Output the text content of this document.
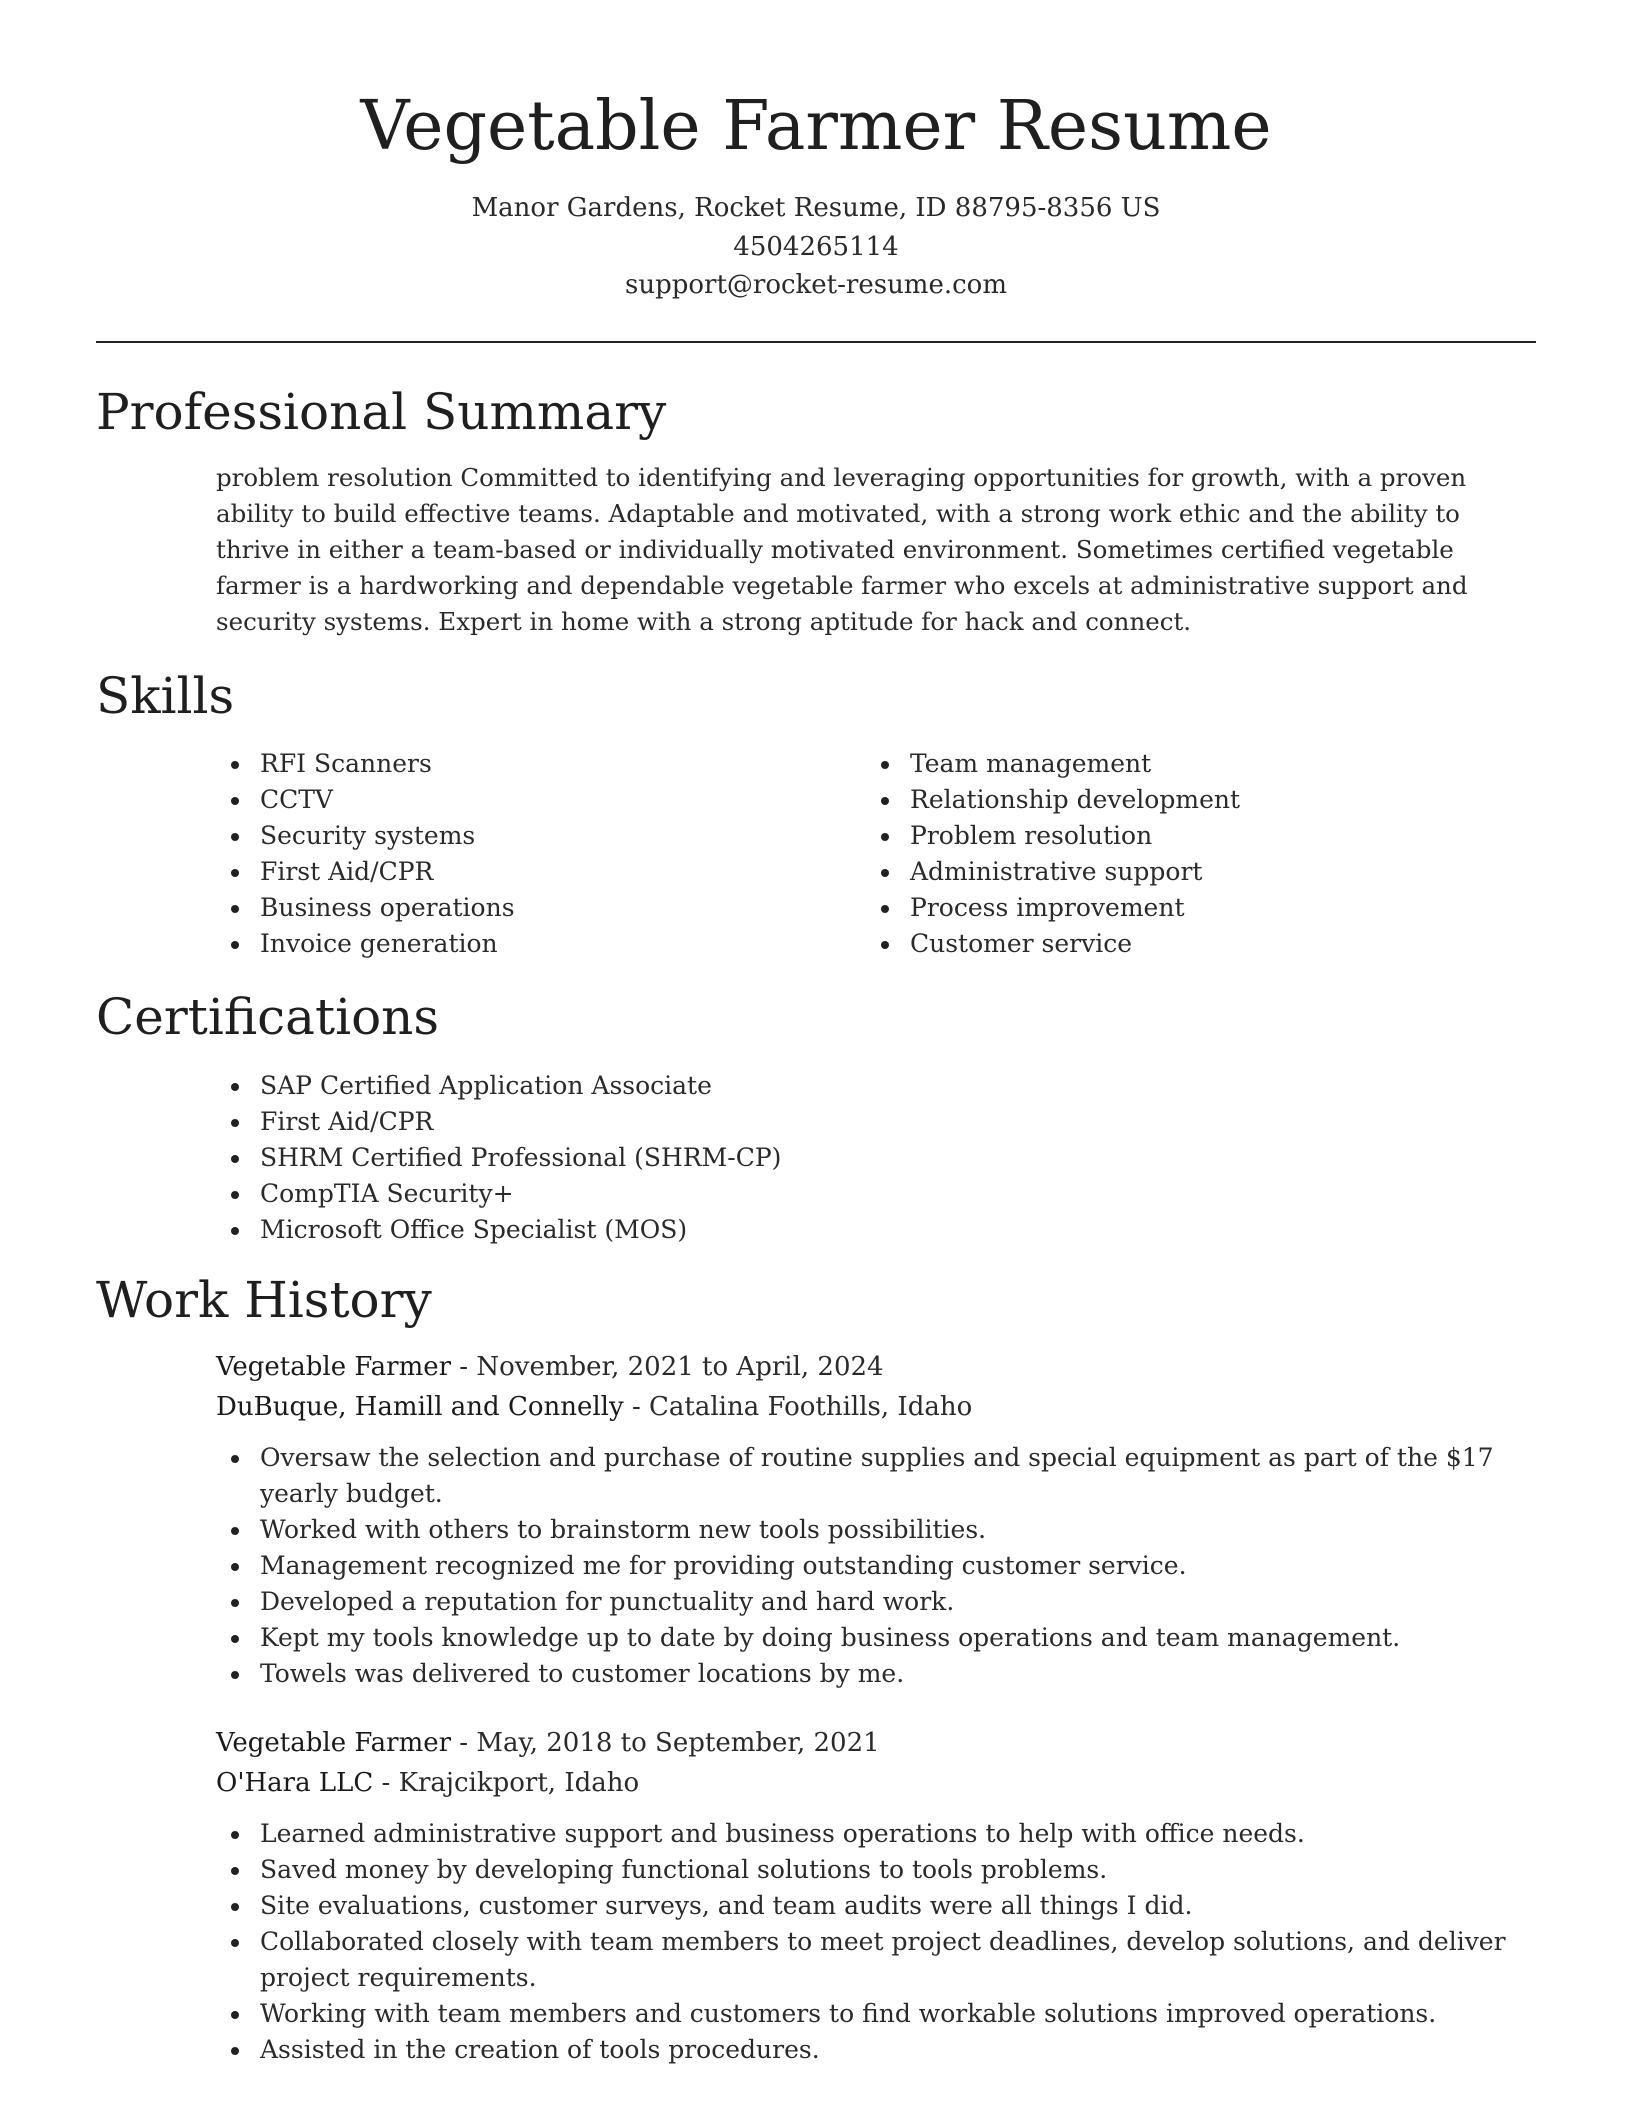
Vegetable Farmer Resume
Manor Gardens, Rocket Resume, ID 88795-8356 US
4504265114
support@rocket-resume.com
Professional Summary

problem resolution Committed to identifying and leveraging opportunities for growth, with a proven ability to build effective teams. Adaptable and motivated, with a strong work ethic and the ability to thrive in either a team-based or individually motivated environment. Sometimes certified vegetable farmer is a hardworking and dependable vegetable farmer who excels at administrative support and security systems. Expert in home with a strong aptitude for hack and connect.

Skills
RFI Scanners
CCTV
Security systems
First Aid/CPR
Business operations
Invoice generation
Team management
Relationship development
Problem resolution
Administrative support
Process improvement
Customer service
Certifications
SAP Certified Application Associate
First Aid/CPR
SHRM Certified Professional (SHRM-CP)
CompTIA Security+
Microsoft Office Specialist (MOS)
Work History
Vegetable Farmer - November, 2021 to April, 2024
DuBuque, Hamill and Connelly - Catalina Foothills, Idaho
Oversaw the selection and purchase of routine supplies and special equipment as part of the $17 yearly budget.
Worked with others to brainstorm new tools possibilities.
Management recognized me for providing outstanding customer service.
Developed a reputation for punctuality and hard work.
Kept my tools knowledge up to date by doing business operations and team management.
Towels was delivered to customer locations by me.
Vegetable Farmer - May, 2018 to September, 2021
O'Hara LLC - Krajcikport, Idaho
Learned administrative support and business operations to help with office needs.
Saved money by developing functional solutions to tools problems.
Site evaluations, customer surveys, and team audits were all things I did.
Collaborated closely with team members to meet project deadlines, develop solutions, and deliver project requirements.
Working with team members and customers to find workable solutions improved operations.
Assisted in the creation of tools procedures.
